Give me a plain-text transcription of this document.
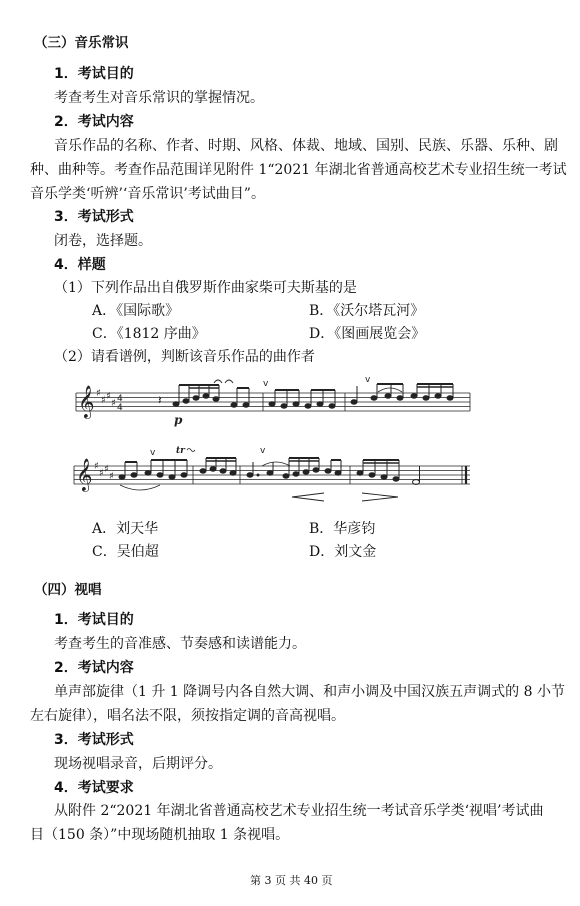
（三）音乐常识
1．考试目的
考查考生对音乐常识的掌握情况。
2．考试内容
音乐作品的名称、作者、时期、风格、体裁、地域、国别、民族、乐器、乐种、剧
种、曲种等。考查作品范围详见附件 1“2021 年湖北省普通高校艺术专业招生统一考试
音乐学类‘听辨’‘音乐常识’考试曲目”。
3．考试形式
闭卷，选择题。
4．样题
（1）下列作品出自俄罗斯作曲家柴可夫斯基的是
A．《国际歌》	B．《沃尔塔瓦河》
C．《1812 序曲》	D．《图画展览会》
（2）请看谱例，判断该音乐作品的曲作者
𝄞 ♯
♯ ♯
♯ 4
4
𝄽
p
v	v
𝄞 ♯
♯ ♯
♯
v tr	v
A．刘天华	B．华彦钧
C．吴伯超	D．刘文金
（四）视唱
1．考试目的
考查考生的音准感、节奏感和读谱能力。
2．考试内容
单声部旋律（1 升 1 降调号内各自然大调、和声小调及中国汉族五声调式的 8 小节
左右旋律），唱名法不限，须按指定调的音高视唱。
3．考试形式
现场视唱录音，后期评分。
4．考试要求
从附件 2“2021 年湖北省普通高校艺术专业招生统一考试音乐学类‘视唱’考试曲
目（150 条）”中现场随机抽取 1 条视唱。
第 3 页 共 40 页
